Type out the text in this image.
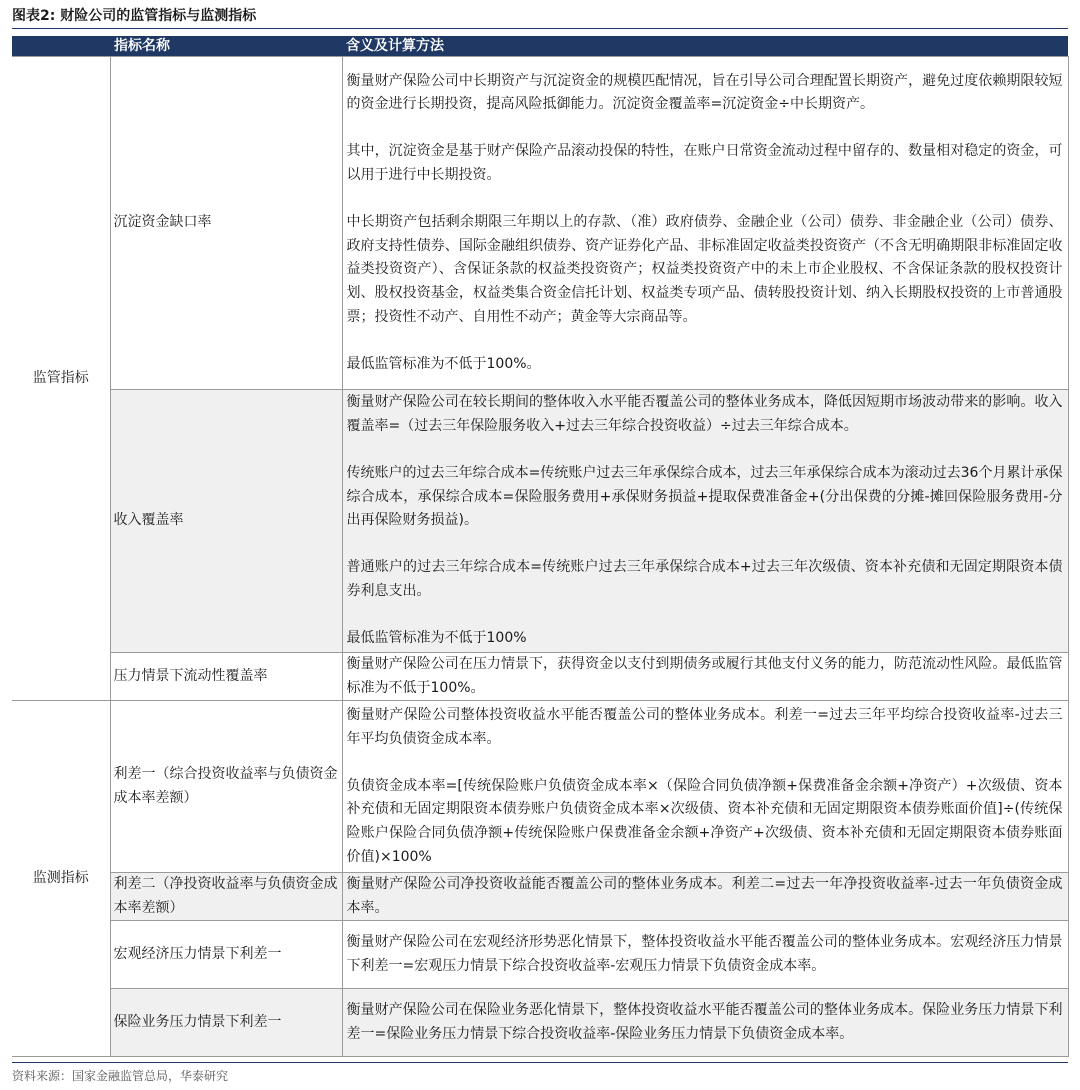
图表2: 财险公司的监管指标与监测指标
	指标名称	含义及计算方法
监管指标	沉淀资金缺口率	衡量财产保险公司中长期资产与沉淀资金的规模匹配情况，旨在引导公司合理配置长期资产，避免过度依赖期限较短的资金进行长期投资，提高风险抵御能力。沉淀资金覆盖率=沉淀资金÷中长期资产。

其中，沉淀资金是基于财产保险产品滚动投保的特性，在账户日常资金流动过程中留存的、数量相对稳定的资金，可以用于进行中长期投资。

中长期资产包括剩余期限三年期以上的存款、（准）政府债券、金融企业（公司）债券、非金融企业（公司）债券、政府支持性债券、国际金融组织债券、资产证券化产品、非标准固定收益类投资资产（不含无明确期限非标准固定收益类投资资产）、含保证条款的权益类投资资产；权益类投资资产中的未上市企业股权、不含保证条款的股权投资计划、股权投资基金，权益类集合资金信托计划、权益类专项产品、债转股投资计划、纳入长期股权投资的上市普通股票；投资性不动产、自用性不动产；黄金等大宗商品等。

最低监管标准为不低于100%。

	收入覆盖率	衡量财产保险公司在较长期间的整体收入水平能否覆盖公司的整体业务成本，降低因短期市场波动带来的影响。收入覆盖率=（过去三年保险服务收入+过去三年综合投资收益）÷过去三年综合成本。

传统账户的过去三年综合成本=传统账户过去三年承保综合成本，过去三年承保综合成本为滚动过去36个月累计承保综合成本，承保综合成本=保险服务费用+承保财务损益+提取保费准备金+(分出保费的分摊-摊回保险服务费用-分出再保险财务损益)。

普通账户的过去三年综合成本=传统账户过去三年承保综合成本+过去三年次级债、资本补充债和无固定期限资本债券利息支出。

最低监管标准为不低于100%

	压力情景下流动性覆盖率	衡量财产保险公司在压力情景下，获得资金以支付到期债务或履行其他支付义务的能力，防范流动性风险。最低监管标准为不低于100%。

监测指标	利差一（综合投资收益率与负债资金成本率差额）	衡量财产保险公司整体投资收益水平能否覆盖公司的整体业务成本。利差一=过去三年平均综合投资收益率-过去三年平均负债资金成本率。

负债资金成本率=[传统保险账户负债资金成本率×（保险合同负债净额+保费准备金余额+净资产）+次级债、资本补充债和无固定期限资本债券账户负债资金成本率×次级债、资本补充债和无固定期限资本债券账面价值]÷(传统保险账户保险合同负债净额+传统保险账户保费准备金余额+净资产+次级债、资本补充债和无固定期限资本债券账面价值)×100%

	利差二（净投资收益率与负债资金成本率差额）	衡量财产保险公司净投资收益能否覆盖公司的整体业务成本。利差二=过去一年净投资收益率-过去一年负债资金成本率。

	宏观经济压力情景下利差一	衡量财产保险公司在宏观经济形势恶化情景下，整体投资收益水平能否覆盖公司的整体业务成本。宏观经济压力情景下利差一=宏观压力情景下综合投资收益率-宏观压力情景下负债资金成本率。

	保险业务压力情景下利差一	衡量财产保险公司在保险业务恶化情景下，整体投资收益水平能否覆盖公司的整体业务成本。保险业务压力情景下利差一=保险业务压力情景下综合投资收益率-保险业务压力情景下负债资金成本率。

资料来源：国家金融监管总局，华泰研究
